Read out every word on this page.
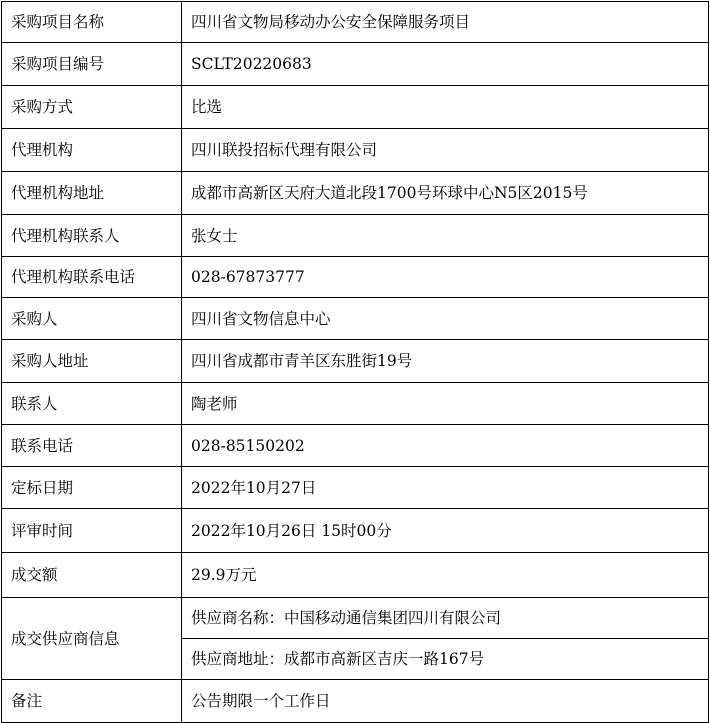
采购项目名称	四川省文物局移动办公安全保障服务项目
采购项目编号	SCLT20220683
采购方式	比选
代理机构	四川联投招标代理有限公司
代理机构地址	成都市高新区天府大道北段1700号环球中心N5区2015号
代理机构联系人	张女士
代理机构联系电话	028-67873777
采购人	四川省文物信息中心
采购人地址	四川省成都市青羊区东胜街19号
联系人	陶老师
联系电话	028-85150202
定标日期	2022年10月27日
评审时间	2022年10月26日 15时00分
成交额	29.9万元
成交供应商信息	供应商名称：中国移动通信集团四川有限公司
	供应商地址：成都市高新区吉庆一路167号
备注	公告期限一个工作日
